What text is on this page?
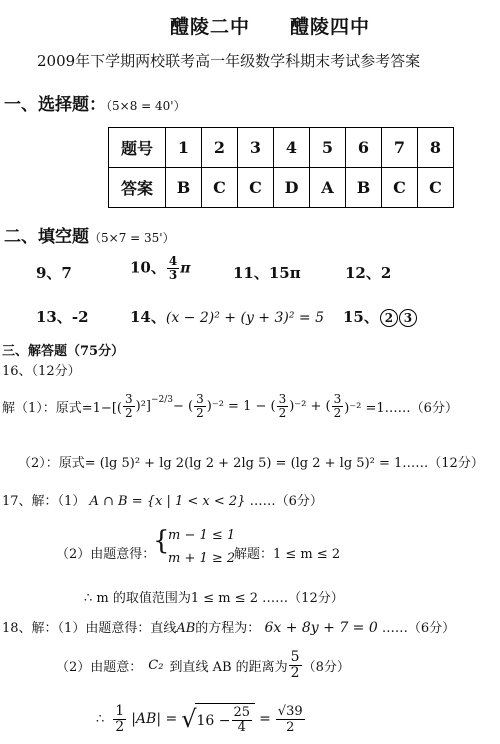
醴陵二中　　醴陵四中
2009年下学期两校联考高一年级数学科期末考试参考答案
一、选择题：（5×8 = 40'）
题号	1	2	3	4	5	6	7	8
答案	B	C	C	D	A	B	C	C
二、填空题（5×7 = 35'）
9、7	10、 $\frac{4}{3}$ π	11、15π	12、2
13、-2	14、(x − 2)² + (y + 3)² = 5 15、 2 3
三、解答题（75分）
16、（12分）
解（1）：原式$=1-[( \frac{3}{2} )^2]^{-2/3}$ − ( $\frac{3}{2} )^{-2} = 1$ − ( $\frac{3}{2} )^{-2}$ + ( $\frac{3}{2} )^{-2}$ =1……（6分）
（2）：原式= (lg 5)² + lg 2(lg 2 + 2lg 5) = (lg 2 + lg 5)² = 1……（12分）
17、解：（1） A ∩ B = {x | 1 < x < 2} ……（6分）
（2）由题意得：
{
m − 1 ≤ 1
m + 1 ≥ 2
解题：1 ≤ m ≤ 2
∴ m 的取值范围为1 ≤ m ≤ 2 ……（12分）
18、解：（1）由题意得：直线AB的方程为： 6x + 8y + 7 = 0 ……（6分）
（2）由题意： C₂ 到直线 AB 的距离为 $\frac{5}{2} (8$分）
∴ $\frac{1}{2} |AB|$ = √ $16 - \frac{25}{4} = \frac{√39}{2}$
